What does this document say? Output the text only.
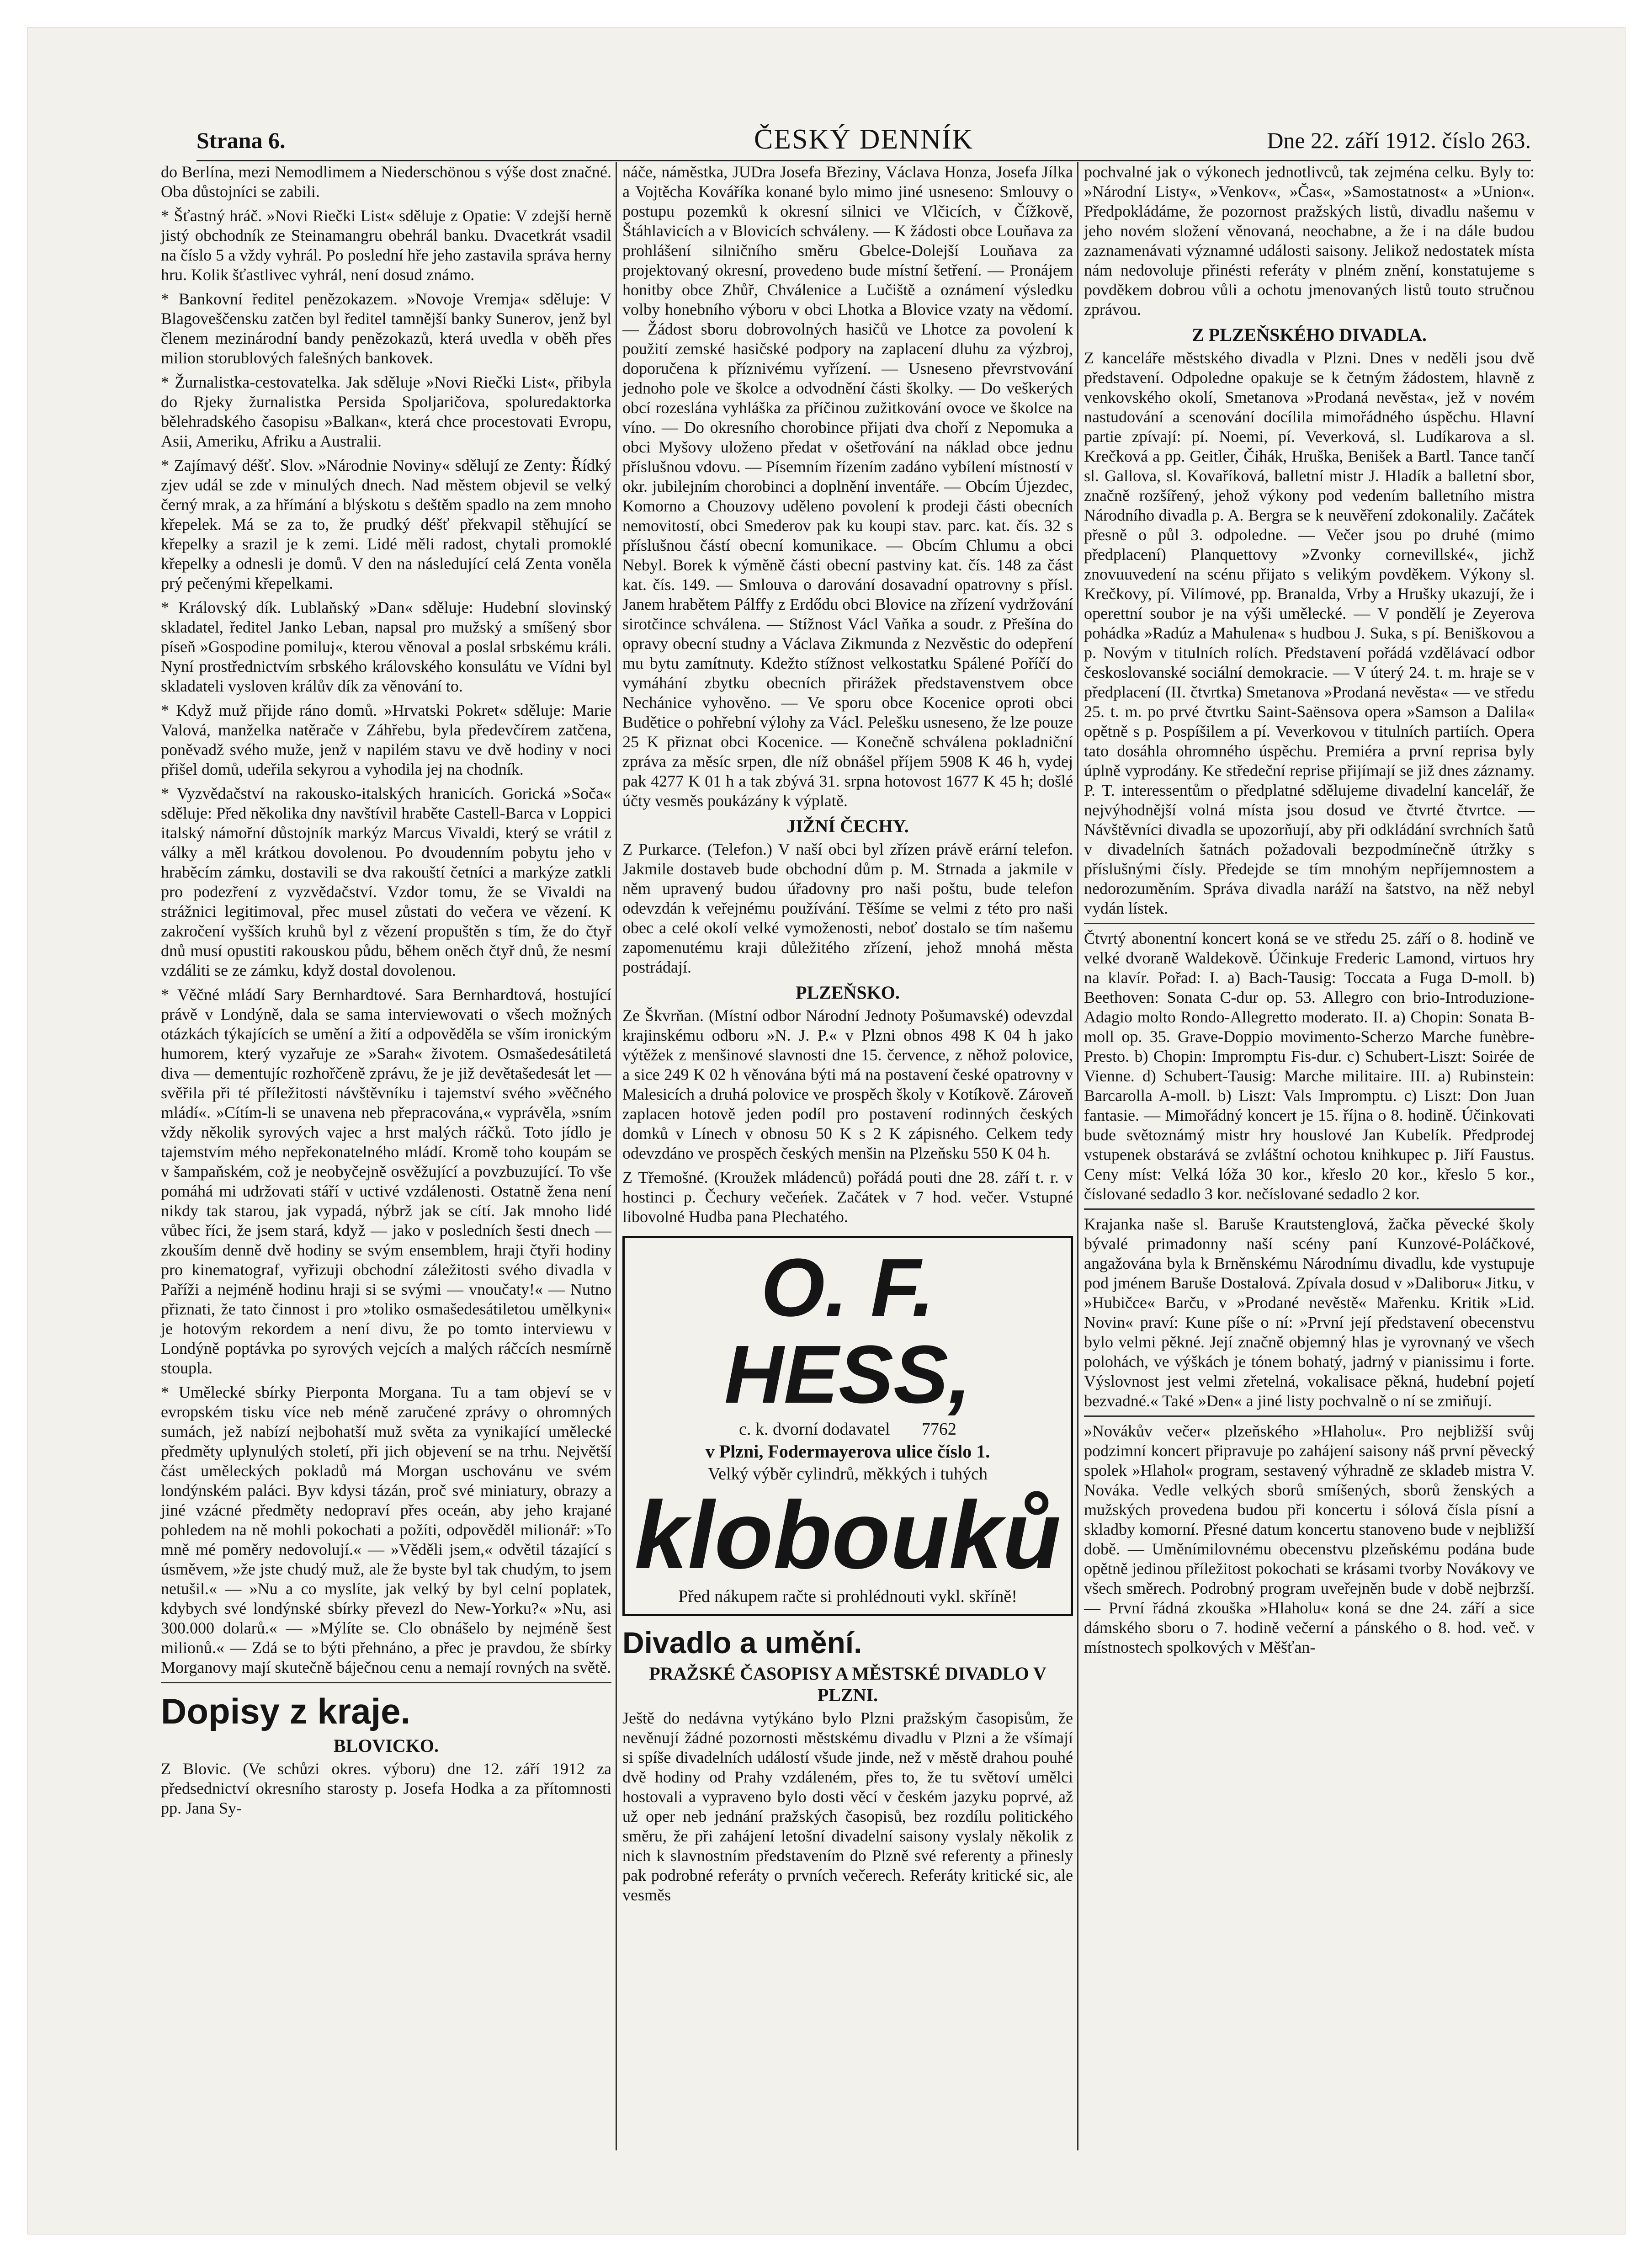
Strana 6.	ČESKÝ DENNÍK	Dne 22. září 1912. číslo 263.

do Berlína, mezi Nemodlimem a Niederschönou s výše dost značné. Oba důstojníci se zabili.

* Šťastný hráč. »Novi Riečki List« sděluje z Opatie: V zdejší herně jistý obchodník ze Steinamangru obehrál banku. Dvacetkrát vsadil na číslo 5 a vždy vyhrál. Po poslední hře jeho zastavila správa herny hru. Kolik šťastlivec vyhrál, není dosud známo.

* Bankovní ředitel penězokazem. »Novoje Vremja« sděluje: V Blagoveščensku zatčen byl ředitel tamnější banky Sunerov, jenž byl členem mezinárodní bandy penězokazů, která uvedla v oběh přes milion storublových falešných bankovek.

* Žurnalistka-cestovatelka. Jak sděluje »Novi Riečki List«, přibyla do Rjeky žurnalistka Persida Spoljaričova, spoluredaktorka bělehradského časopisu »Balkan«, která chce procestovati Evropu, Asii, Ameriku, Afriku a Australii.

* Zajímavý déšť. Slov. »Národnie Noviny« sdělují ze Zenty: Řídký zjev udál se zde v minulých dnech. Nad městem objevil se velký černý mrak, a za hřímání a blýskotu s deštěm spadlo na zem mnoho křepelek. Má se za to, že prudký déšť překvapil stěhující se křepelky a srazil je k zemi. Lidé měli radost, chytali promoklé křepelky a odnesli je domů. V den na následující celá Zenta voněla prý pečenými křepelkami.

* Královský dík. Lublaňský »Dan« sděluje: Hudební slovinský skladatel, ředitel Janko Leban, napsal pro mužský a smíšený sbor píseň »Gospodine pomiluj«, kterou věnoval a poslal srbskému králi. Nyní prostřednictvím srbského královského konsulátu ve Vídni byl skladateli vysloven králův dík za věnování to.

* Když muž přijde ráno domů. »Hrvatski Pokret« sděluje: Marie Valová, manželka natěrače v Záhřebu, byla předevčírem zatčena, poněvadž svého muže, jenž v napilém stavu ve dvě hodiny v noci přišel domů, udeřila sekyrou a vyhodila jej na chodník.

* Vyzvědačství na rakousko-italských hranicích. Gorická »Soča« sděluje: Před několika dny navštívil hraběte Castell-Barca v Loppici italský námořní důstojník markýz Marcus Vivaldi, který se vrátil z války a měl krátkou dovolenou. Po dvoudenním pobytu jeho v hraběcím zámku, dostavili se dva rakouští četníci a markýze zatkli pro podezření z vyzvědačství. Vzdor tomu, že se Vivaldi na strážnici legitimoval, přec musel zůstati do večera ve vězení. K zakročení vyšších kruhů byl z vězení propuštěn s tím, že do čtyř dnů musí opustiti rakouskou půdu, během oněch čtyř dnů, že nesmí vzdáliti se ze zámku, když dostal dovolenou.

* Věčné mládí Sary Bernhardtové. Sara Bernhardtová, hostující právě v Londýně, dala se sama interviewovati o všech možných otázkách týkajících se umění a žití a odpověděla se vším ironickým humorem, který vyzařuje ze »Sarah« životem. Osmašedesátiletá diva — dementujíc rozhořčeně zprávu, že je již devětašedesát let — svěřila při té příležitosti návštěvníku i tajemství svého »věčného mládí«. »Cítím-li se unavena neb přepracována,« vyprávěla, »sním vždy několik syrových vajec a hrst malých ráčků. Toto jídlo je tajemstvím mého nepřekonatelného mládí. Kromě toho koupám se v šampaňském, což je neobyčejně osvěžující a povzbuzující. To vše pomáhá mi udržovati stáří v uctivé vzdálenosti. Ostatně žena není nikdy tak starou, jak vypadá, nýbrž jak se cítí. Jak mnoho lidé vůbec říci, že jsem stará, když — jako v posledních šesti dnech — zkouším denně dvě hodiny se svým ensemblem, hraji čtyři hodiny pro kinematograf, vyřizuji obchodní záležitosti svého divadla v Paříži a nejméně hodinu hraji si se svými — vnoučaty!« — Nutno přiznati, že tato činnost i pro »toliko osmašedesátiletou umělkyni« je hotovým rekordem a není divu, že po tomto interviewu v Londýně poptávka po syrových vejcích a malých ráčcích nesmírně stoupla.

* Umělecké sbírky Pierponta Morgana. Tu a tam objeví se v evropském tisku více neb méně zaručené zprávy o ohromných sumách, jež nabízí nejbohatší muž světa za vynikající umělecké předměty uplynulých století, při jich objevení se na trhu. Největší část uměleckých pokladů má Morgan uschovánu ve svém londýnském paláci. Byv kdysi tázán, proč své miniatury, obrazy a jiné vzácné předměty nedopraví přes oceán, aby jeho krajané pohledem na ně mohli pokochati a požíti, odpověděl milionář: »To mně mé poměry nedovolují.« — »Vědělі jsem,« odvětil tázající s úsměvem, »že jste chudý muž, ale že byste byl tak chudým, to jsem netušil.« — »Nu a co myslíte, jak velký by byl celní poplatek, kdybych své londýnské sbírky převezl do New-Yorku?« »Nu, asi 300.000 dolarů.« — »Mýlíte se. Clo obnášelo by nejméně šest milionů.« — Zdá se to býti přehnáno, a přec je pravdou, že sbírky Morganovy mají skutečně báječnou cenu a nemají rovných na světě.

Dopisy z kraje.
BLOVICKO.

Z Blovic. (Ve schůzi okres. výboru) dne 12. září 1912 za předsednictví okresního starosty p. Josefa Hodka a za přítomnosti pp. Jana Sy-

náče, náměstka, JUDra Josefa Březiny, Václava Honza, Josefa Jílka a Vojtěcha Kováříka konané bylo mimo jiné usneseno: Smlouvy o postupu pozemků k okresní silnici ve Vlčicích, v Čížkově, Štáhlavicích a v Blovicích schváleny. — K žádosti obce Louňava za prohlášení silničního směru Gbelce-Dolejší Louňava za projektovaný okresní, provedeno bude místní šetření. — Pronájem honitby obce Zhůř, Chválenice a Lučiště a oznámení výsledku volby honebního výboru v obci Lhotka a Blovice vzaty na vědomí. — Žádost sboru dobrovolných hasičů ve Lhotce za povolení k použití zemské hasičské podpory na zaplacení dluhu za výzbroj, doporučena k příznivému vyřízení. — Usneseno převrstvování jednoho pole ve školce a odvodnění části školky. — Do veškerých obcí rozeslána vyhláška za příčinou zužitkování ovoce ve školce na víno. — Do okresního chorobince přijati dva choří z Nepomuka a obci Myšovy uloženo předat v ošetřování na náklad obce jednu příslušnou vdovu. — Písemním řízením zadáno vybílení místností v okr. jubilejním chorobinci a doplnění inventáře. — Obcím Újezdec, Komorno a Chouzovy uděleno povolení k prodeji části obecních nemovitostí, obci Smederov pak ku koupi stav. parc. kat. čís. 32 s příslušnou částí obecní komunikace. — Obcím Chlumu a obci Nebyl. Borek k výměně části obecní pastviny kat. čís. 148 za část kat. čís. 149. — Smlouva o darování dosavadní opatrovny s přísl. Janem hrabětem Pálffy z Erdődu obci Blovice na zřízení vydržování sirotčince schválena. — Stížnost Václ Vaňka a soudr. z Přešína do opravy obecní studny a Václava Zikmunda z Nezvěstic do odepření mu bytu zamítnuty. Kdežto stížnost velkostatku Spálené Poříčí do vymáhání zbytku obecních přirážek představenstvem obce Nechánice vyhověno. — Ve sporu obce Kocenice oproti obci Budětice o pohřební výlohy za Václ. Pelešku usneseno, že lze pouze 25 K přiznat obci Kocenice. — Konečně schválena pokladniční zpráva za měsíc srpen, dle níž obnášel příjem 5908 K 46 h, vydej pak 4277 K 01 h a tak zbývá 31. srpna hotovost 1677 K 45 h; došlé účty vesměs poukázány k výplatě.

JIŽNÍ ČECHY.

Z Purkarce. (Telefon.) V naší obci byl zřízen právě erární telefon. Jakmile dostaveb bude obchodní dům p. M. Strnada a jakmile v něm upravený budou úřadovny pro naši poštu, bude telefon odevzdán k veřejnému používání. Těšíme se velmi z této pro naši obec a celé okolí velké vymoženosti, neboť dostalo se tím našemu zapomenutému kraji důležitého zřízení, jehož mnohá města postrádají.

PLZEŇSKO.

Ze Škvrňan. (Místní odbor Národní Jednoty Pošumavské) odevzdal krajinskému odboru »N. J. P.« v Plzni obnos 498 K 04 h jako výtěžek z menšinové slavnosti dne 15. července, z něhož polovice, a sice 249 K 02 h věnována býti má na postavení české opatrovny v Malesicích a druhá polovice ve prospěch školy v Kotíkově. Zároveň zaplacen hotově jeden podíl pro postavení rodinných českých domků v Línech v obnosu 50 K s 2 K zápisného. Celkem tedy odevzdáno ve prospěch českých menšin na Plzeňsku 550 K 04 h.

Z Třemošné. (Kroužek mládenců) pořádá pouti dne 28. září t. r. v hostinci p. Čechury večeńek. Začátek v 7 hod. večer. Vstupné libovolné Hudba pana Plechatého.

O. F. HESS,
c. k. dvorní dodavatel 7762
v Plzni, Fodermayerova ulice číslo 1.
Velký výběr cylindrů, měkkých i tuhých
klobouků
Před nákupem račte si prohlédnouti vykl. skříně!
Divadlo a umění.
PRAŽSKÉ ČASOPISY A MĚSTSKÉ DIVADLO V PLZNI.

Ještě do nedávna vytýkáno bylo Plzni pražským časopisům, že nevěnují žádné pozornosti městskému divadlu v Plzni a že všímají si spíše divadelních událostí všude jinde, než v městě drahou pouhé dvě hodiny od Prahy vzdáleném, přes to, že tu světoví umělci hostovali a vypraveno bylo dosti věcí v českém jazyku poprvé, až už oper neb jednání pražských časopisů, bez rozdílu politického směru, že při zahájení letošní divadelní saisony vyslaly několik z nich k slavnostním představením do Plzně své referenty a přinesly pak podrobné referáty o prvních večerech. Referáty kritické sic, ale vesměs

pochvalné jak o výkonech jednotlivců, tak zejména celku. Byly to: »Národní Listy«, »Venkov«, »Čas«, »Samostatnost« a »Union«. Předpokládáme, že pozornost pražských listů, divadlu našemu v jeho novém složení věnovaná, neochabne, a že i na dále budou zaznamenávati významné události saisony. Jelikož nedostatek místa nám nedovoluje přinésti referáty v plném znění, konstatujeme s povděkem dobrou vůli a ochotu jmenovaných listů touto stručnou zprávou.

Z PLZEŇSKÉHO DIVADLA.

Z kanceláře městského divadla v Plzni. Dnes v neděli jsou dvě představení. Odpoledne opakuje se k četným žádostem, hlavně z venkovského okolí, Smetanova »Prodaná nevěsta«, jež v novém nastudování a scenování docílila mimořádného úspěchu. Hlavní partie zpívají: pí. Noemi, pí. Veverková, sl. Ludíkarova a sl. Krečková a pp. Geitler, Čihák, Hruška, Benišek a Bartl. Tance tančí sl. Gallova, sl. Kovaříková, balletní mistr J. Hladík a balletní sbor, značně rozšířený, jehož výkony pod vedením balletního mistra Národního divadla p. A. Bergra se k neuvěření zdokonalily. Začátek přesně o půl 3. odpoledne. — Večer jsou po druhé (mimo předplacení) Planquettovy »Zvonky cornevillské«, jichž znovuuvedení na scénu přijato s velikým povděkem. Výkony sl. Krečkovy, pí. Vilímové, pp. Branalda, Vrby a Hrušky ukazují, že i operettní soubor je na výši umělecké. — V pondělí je Zeyerova pohádka »Radúz a Mahulena« s hudbou J. Suka, s pí. Beniškovou a p. Novým v titulních rolích. Představení pořádá vzdělávací odbor českoslovanské sociální demokracie. — V úterý 24. t. m. hraje se v předplacení (II. čtvrtka) Smetanova »Prodaná nevěsta« — ve středu 25. t. m. po prvé čtvrtku Saint-Saënsova opera »Samson a Dalila« opětně s p. Pospíšilem a pí. Veverkovou v titulních partiích. Opera tato dosáhla ohromného úspěchu. Premiéra a první reprisa byly úplně vyprodány. Ke středeční reprise přijímají se již dnes záznamy. P. T. interessentům o předplatné sdělujeme divadelní kancelář, že nejvýhodnější volná místa jsou dosud ve čtvrté čtvrtce. — Návštěvníci divadla se upozorňují, aby při odkládání svrchních šatů v divadelních šatnách požadovali bezpodmínečně útržky s příslušnými čísly. Předejde se tím mnohým nepříjemnostem a nedorozuměním. Správa divadla naráží na šatstvo, na něž nebyl vydán lístek.

Čtvrtý abonentní koncert koná se ve středu 25. září o 8. hodině ve velké dvoraně Waldekově. Účinkuje Frederic Lamond, virtuos hry na klavír. Pořad: I. a) Bach-Tausig: Toccata a Fuga D-moll. b) Beethoven: Sonata C-dur op. 53. Allegro con brio-Introduzione-Adagio molto Rondo-Allegretto moderato. II. a) Chopin: Sonata B-moll op. 35. Grave-Doppio movimento-Scherzo Marche funèbre-Presto. b) Chopin: Impromptu Fis-dur. c) Schubert-Liszt: Soirée de Vienne. d) Schubert-Tausig: Marche militaire. III. a) Rubinstein: Barcarolla A-moll. b) Liszt: Vals Impromptu. c) Liszt: Don Juan fantasie. — Mimořádný koncert je 15. října o 8. hodině. Účinkovati bude světoznámý mistr hry houslové Jan Kubelík. Předprodej vstupenek obstarává se zvláštní ochotou knihkupec p. Jiří Faustus. Ceny míst: Velká lóža 30 kor., křeslo 20 kor., křeslo 5 kor., číslované sedadlo 3 kor. nečíslované sedadlo 2 kor.

Krajanka naše sl. Baruše Krautstenglová, žačka pěvecké školy bývalé primadonny naší scény paní Kunzové-Poláčkové, angažována byla k Brněnskému Národnímu divadlu, kde vystupuje pod jménem Baruše Dostalová. Zpívala dosud v »Daliboru« Jitku, v »Hubičce« Barču, v »Prodané nevěstě« Mařenku. Kritik »Lid. Novin« praví: Kune píše o ní: »První její představení obecenstvu bylo velmi pěkné. Její značně objemný hlas je vyrovnaný ve všech polohách, ve výškách je tónem bohatý, jadrný v pianissimu i forte. Výslovnost jest velmi zřetelná, vokalisace pěkná, hudební pojetí bezvadné.« Také »Den« a jiné listy pochvalně o ní se zmiňují.

»Novákův večer« plzeňského »Hlaholu«. Pro nejbližší svůj podzimní koncert připravuje po zahájení saisony náš první pěvecký spolek »Hlahol« program, sestavený výhradně ze skladeb mistra V. Nováka. Vedle velkých sborů smíšených, sborů ženských a mužských provedena budou při koncertu i sólová čísla písní a skladby komorní. Přesné datum koncertu stanoveno bude v nejbližší době. — Uměnímilovnému obecenstvu plzeňskému podána bude opětně jedinou příležitost pokochati se krásami tvorby Novákovy ve všech směrech. Podrobný program uveřejněn bude v době nejbrzší. — První řádná zkouška »Hlaholu« koná se dne 24. září a sice dámského sboru o 7. hodině večerní a pánského o 8. hod. več. v místnostech spolkových v Měšťan-
